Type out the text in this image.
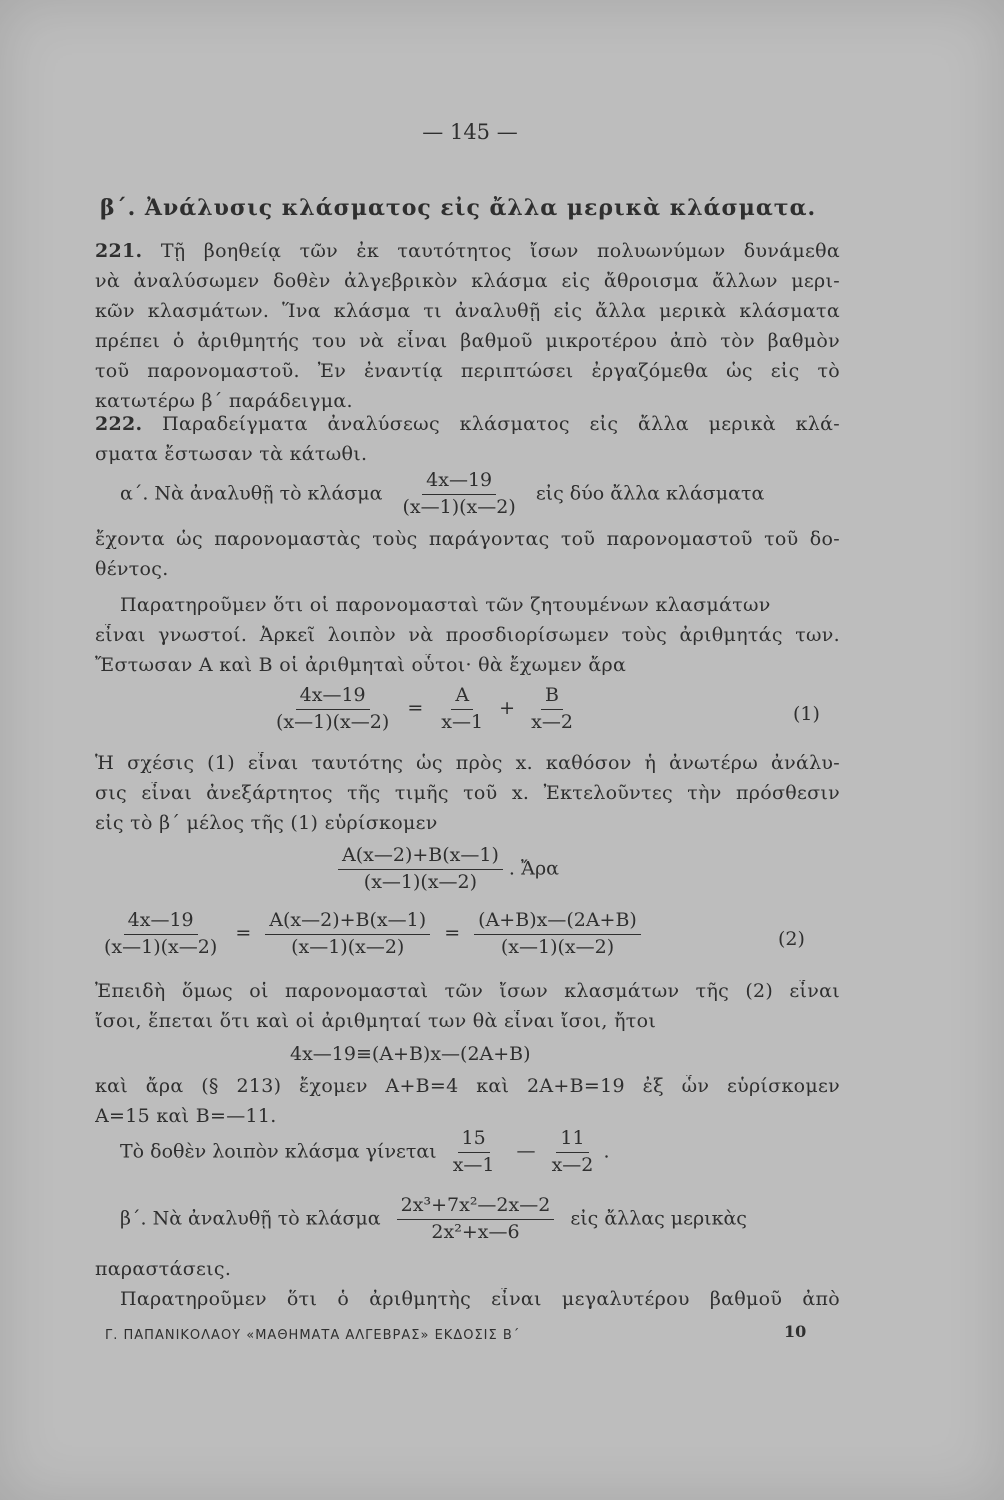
— 145 —
β΄. Ἀνάλυσις κλάσματος εἰς ἄλλα μερικὰ κλάσματα.
221. Τῇ βοηθείᾳ τῶν ἐκ ταυτότητος ἴσων πολυωνύμων δυνάμεθα
νὰ ἀναλύσωμεν δοθὲν ἀλγεβρικὸν κλάσμα εἰς ἄθροισμα ἄλλων μερι-
κῶν κλασμάτων. Ἵνα κλάσμα τι ἀναλυθῇ εἰς ἄλλα μερικὰ κλάσματα
πρέπει ὁ ἀριθμητής του νὰ εἶναι βαθμοῦ μικροτέρου ἀπὸ τὸν βαθμὸν
τοῦ παρονομαστοῦ. Ἐν ἐναντίᾳ περιπτώσει ἐργαζόμεθα ὡς εἰς τὸ
κατωτέρω β΄ παράδειγμα.
222. Παραδείγματα ἀναλύσεως κλάσματος εἰς ἄλλα μερικὰ κλά-
σματα ἔστωσαν τὰ κάτωθι.
α΄. Νὰ ἀναλυθῇ τὸ κλάσμα $\frac{4x—19}{(x—1)(x—2)}$ εἰς δύο ἄλλα κλάσματα
ἔχοντα ὡς παρονομαστὰς τοὺς παράγοντας τοῦ παρονομαστοῦ τοῦ δο-
θέντος.
Παρατηροῦμεν ὅτι οἱ παρονομασταὶ τῶν ζητουμένων κλασμάτων
εἶναι γνωστοί. Ἀρκεῖ λοιπὸν νὰ προσδιορίσωμεν τοὺς ἀριθμητάς των.
Ἔστωσαν Α καὶ Β οἱ ἀριθμηταὶ οὗτοι· θὰ ἔχωμεν ἄρα
$\frac{4x—19}{(x—1)(x—2)} = \frac{A}{x—1} + \frac{B}{x—2}$	(1)
Ἡ σχέσις (1) εἶναι ταυτότης ὡς πρὸς x. καθόσον ἡ ἀνωτέρω ἀνάλυ-
σις εἶναι ἀνεξάρτητος τῆς τιμῆς τοῦ x. Ἐκτελοῦντες τὴν πρόσθεσιν
εἰς τὸ β΄ μέλος τῆς (1) εὑρίσκομεν
$\frac{A(x—2)+B(x—1)}{(x—1)(x—2)}$ . Ἄρα
$\frac{4x—19}{(x—1)(x—2)} = \frac{A(x—2)+B(x—1)}{(x—1)(x—2)} = \frac{(A+B)x—(2A+B)}{(x—1)(x—2)}$	(2)
Ἐπειδὴ ὅμως οἱ παρονομασταὶ τῶν ἴσων κλασμάτων τῆς (2) εἶναι
ἴσοι, ἕπεται ὅτι καὶ οἱ ἀριθμηταί των θὰ εἶναι ἴσοι, ἤτοι
4x—19≡(A+B)x—(2A+B)
καὶ ἄρα (§ 213) ἔχομεν A+B=4 καὶ 2A+B=19 ἐξ ὧν εὑρίσκομεν
A=15 καὶ B=—11.
Τὸ δοθὲν λοιπὸν κλάσμα γίνεται $\frac{15}{x—1}$ — $\frac{11}{x—2}$ .
β΄. Νὰ ἀναλυθῇ τὸ κλάσμα $\frac{\text{2x³+7x²—2x—2}}{\text{2x²+x—6}}$ εἰς ἄλλας μερικὰς
παραστάσεις.
Παρατηροῦμεν ὅτι ὁ ἀριθμητὴς εἶναι μεγαλυτέρου βαθμοῦ ἀπὸ
Γ. ΠΑΠΑΝΙΚΟΛΑΟΥ «ΜΑΘΗΜΑΤΑ ΑΛΓΕΒΡΑΣ» ΕΚΔΟΣΙΣ Β΄	10
